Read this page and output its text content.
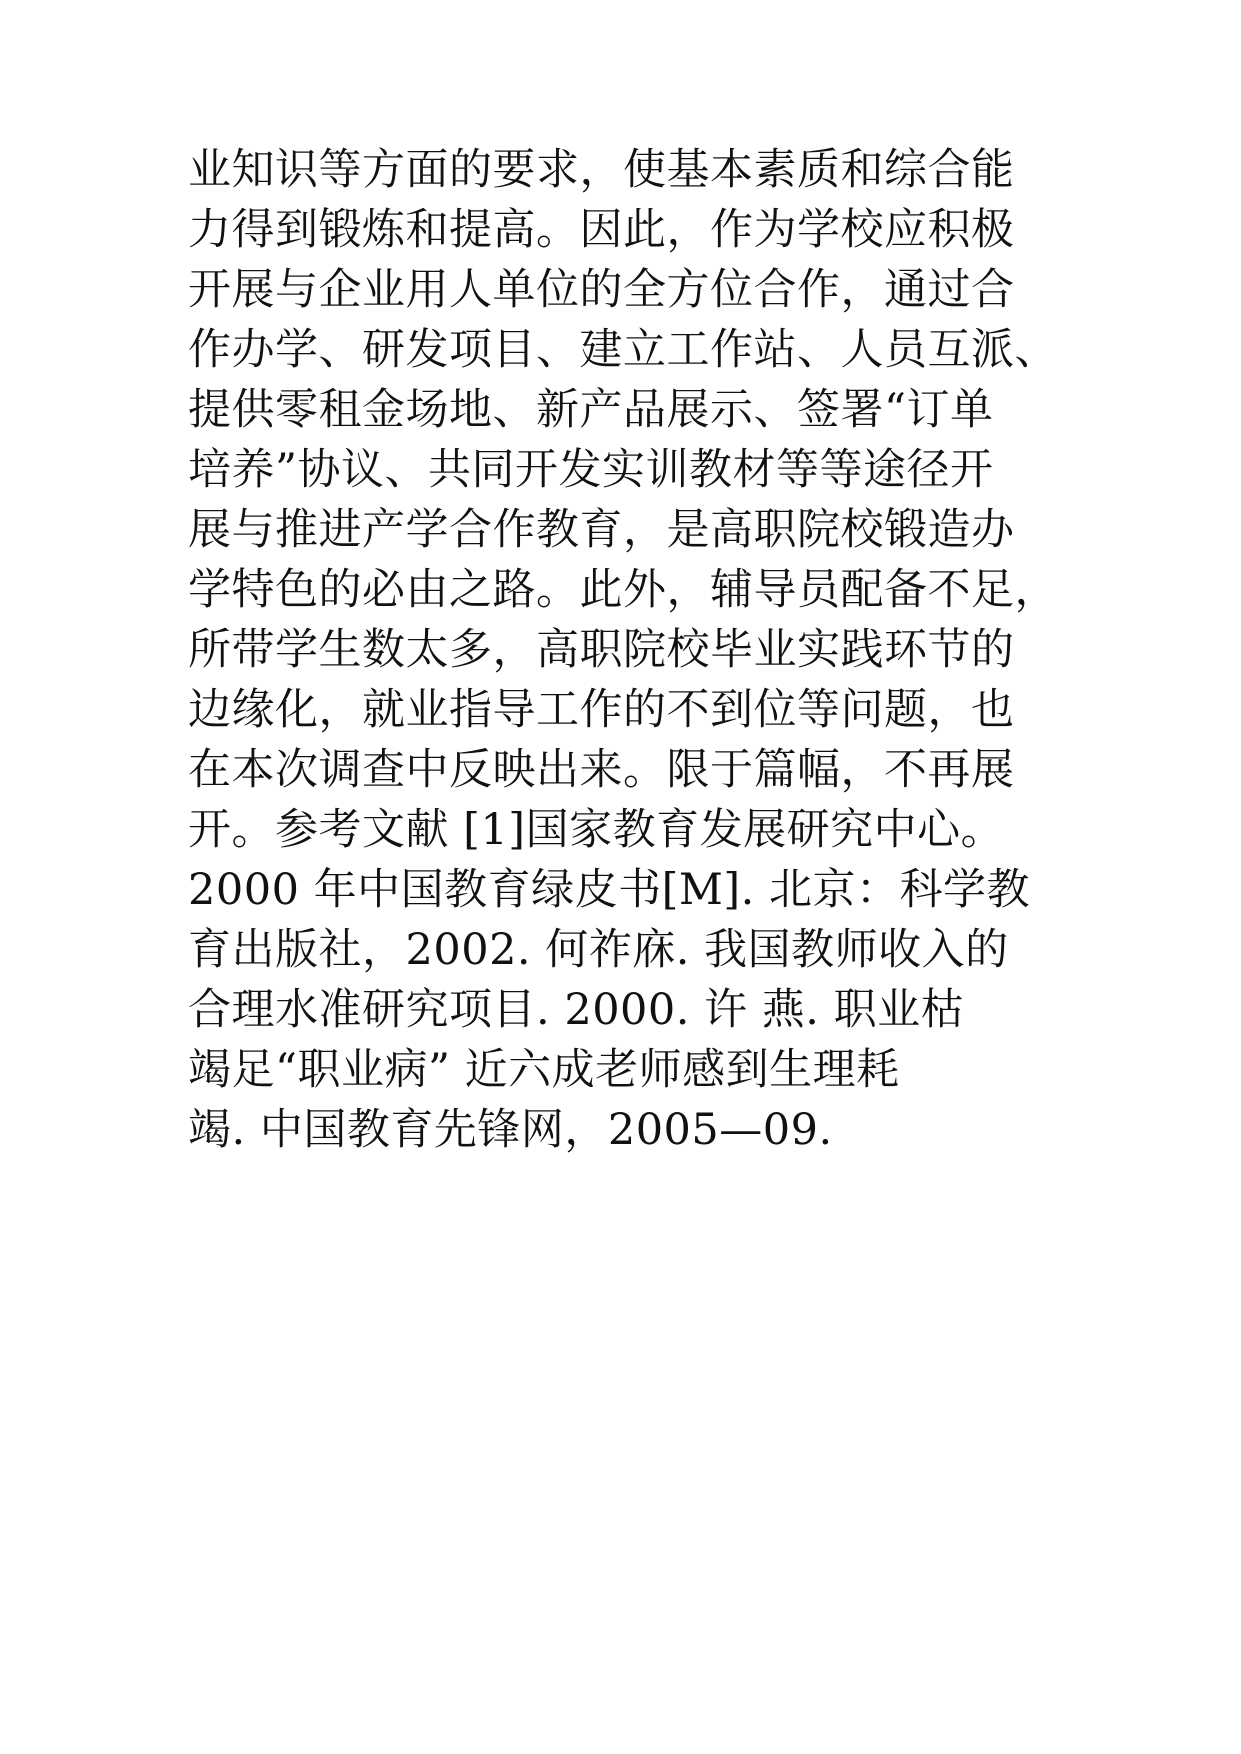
业知识等方面的要求，使基本素质和综合能
力得到锻炼和提高。因此，作为学校应积极
开展与企业用人单位的全方位合作，通过合
作办学、研发项目、建立工作站、人员互派、
提供零租金场地、新产品展示、签署“订单
培养”协议、共同开发实训教材等等途径开
展与推进产学合作教育，是高职院校锻造办
学特色的必由之路。此外，辅导员配备不足，
所带学生数太多，高职院校毕业实践环节的
边缘化，就业指导工作的不到位等问题，也
在本次调查中反映出来。限于篇幅，不再展
开。参考文献 [1]国家教育发展研究中心。
2000 年中国教育绿皮书[M]. 北京：科学教
育出版社，2002. 何祚庥. 我国教师收入的
合理水准研究项目. 2000. 许 燕. 职业枯
竭足“职业病” 近六成老师感到生理耗
竭. 中国教育先锋网，2005—09.
